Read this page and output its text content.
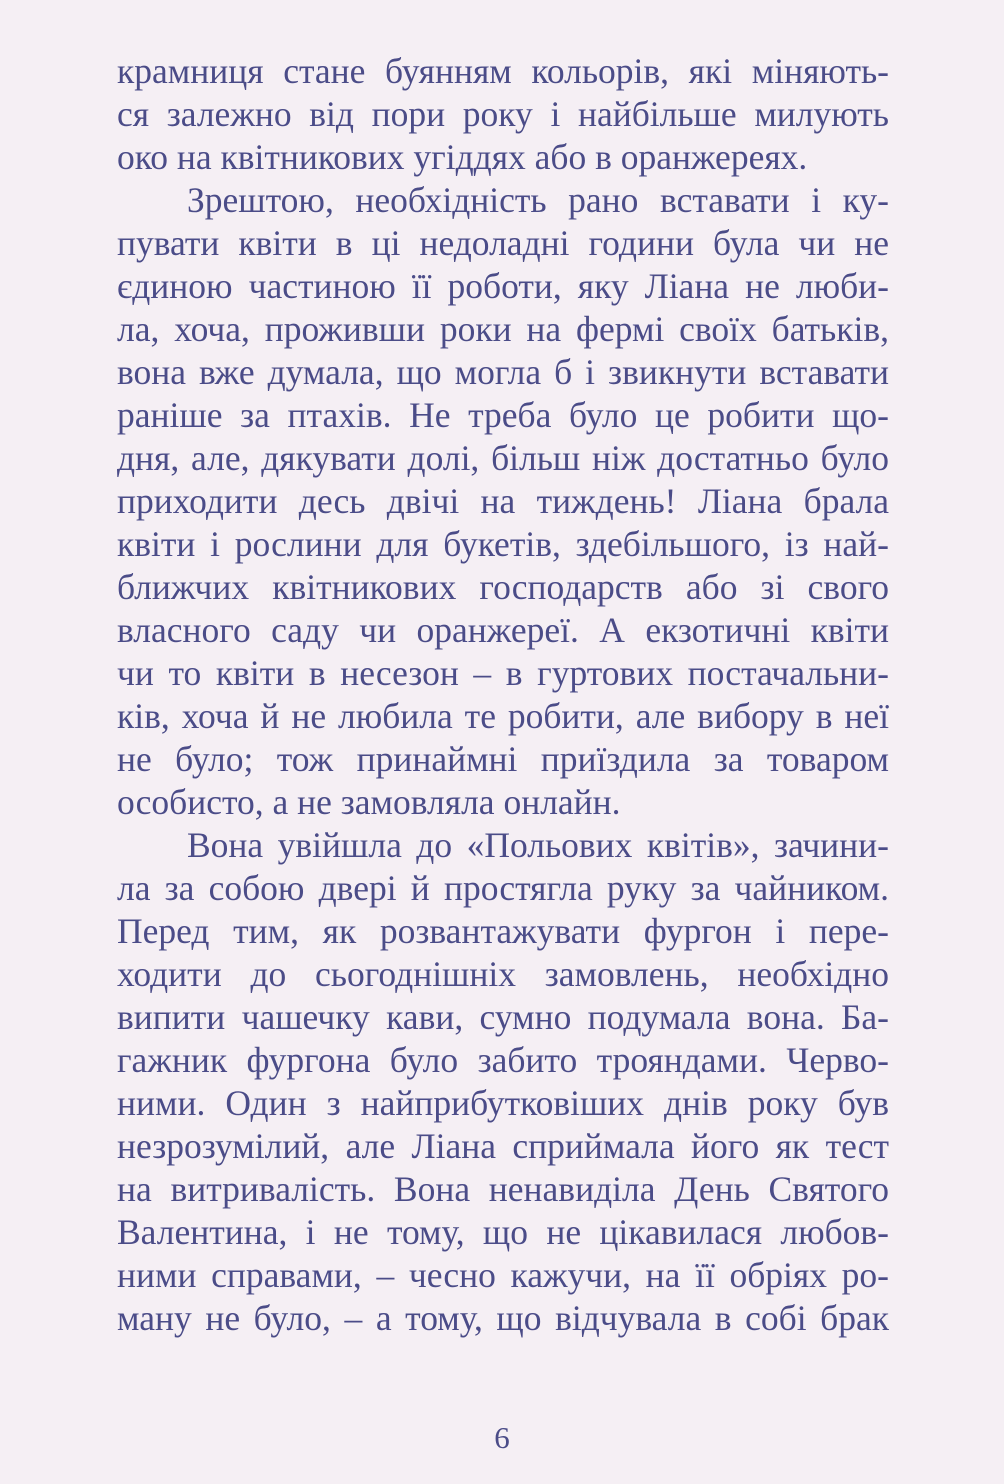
крамниця стане буянням кольорів, які міняють-
ся залежно від пори року і найбільше милують
око на квітникових угіддях або в оранжереях.
Зрештою, необхідність рано вставати і ку-
пувати квіти в ці недоладні години була чи не
єдиною частиною її роботи, яку Ліана не люби-
ла, хоча, проживши роки на фермі своїх батьків,
вона вже думала, що могла б і звикнути вставати
раніше за птахів. Не треба було це робити що-
дня, але, дякувати долі, більш ніж достатньо було
приходити десь двічі на тиждень! Ліана брала
квіти і рослини для букетів, здебільшого, із най-
ближчих квітникових господарств або зі свого
власного саду чи оранжереї. А екзотичні квіти
чи то квіти в несезон – в гуртових постачальни-
ків, хоча й не любила те робити, але вибору в неї
не було; тож принаймні приїздила за товаром
особисто, а не замовляла онлайн.
Вона увійшла до «Польових квітів», зачини-
ла за собою двері й простягла руку за чайником.
Перед тим, як розвантажувати фургон і пере-
ходити до сьогоднішніх замовлень, необхідно
випити чашечку кави, сумно подумала вона. Ба-
гажник фургона було забито трояндами. Черво-
ними. Один з найприбутковіших днів року був
незрозумілий, але Ліана сприймала його як тест
на витривалість. Вона ненавиділа День Святого
Валентина, і не тому, що не цікавилася любов-
ними справами, – чесно кажучи, на її обріях ро-
ману не було, – а тому, що відчувала в собі брак
6
